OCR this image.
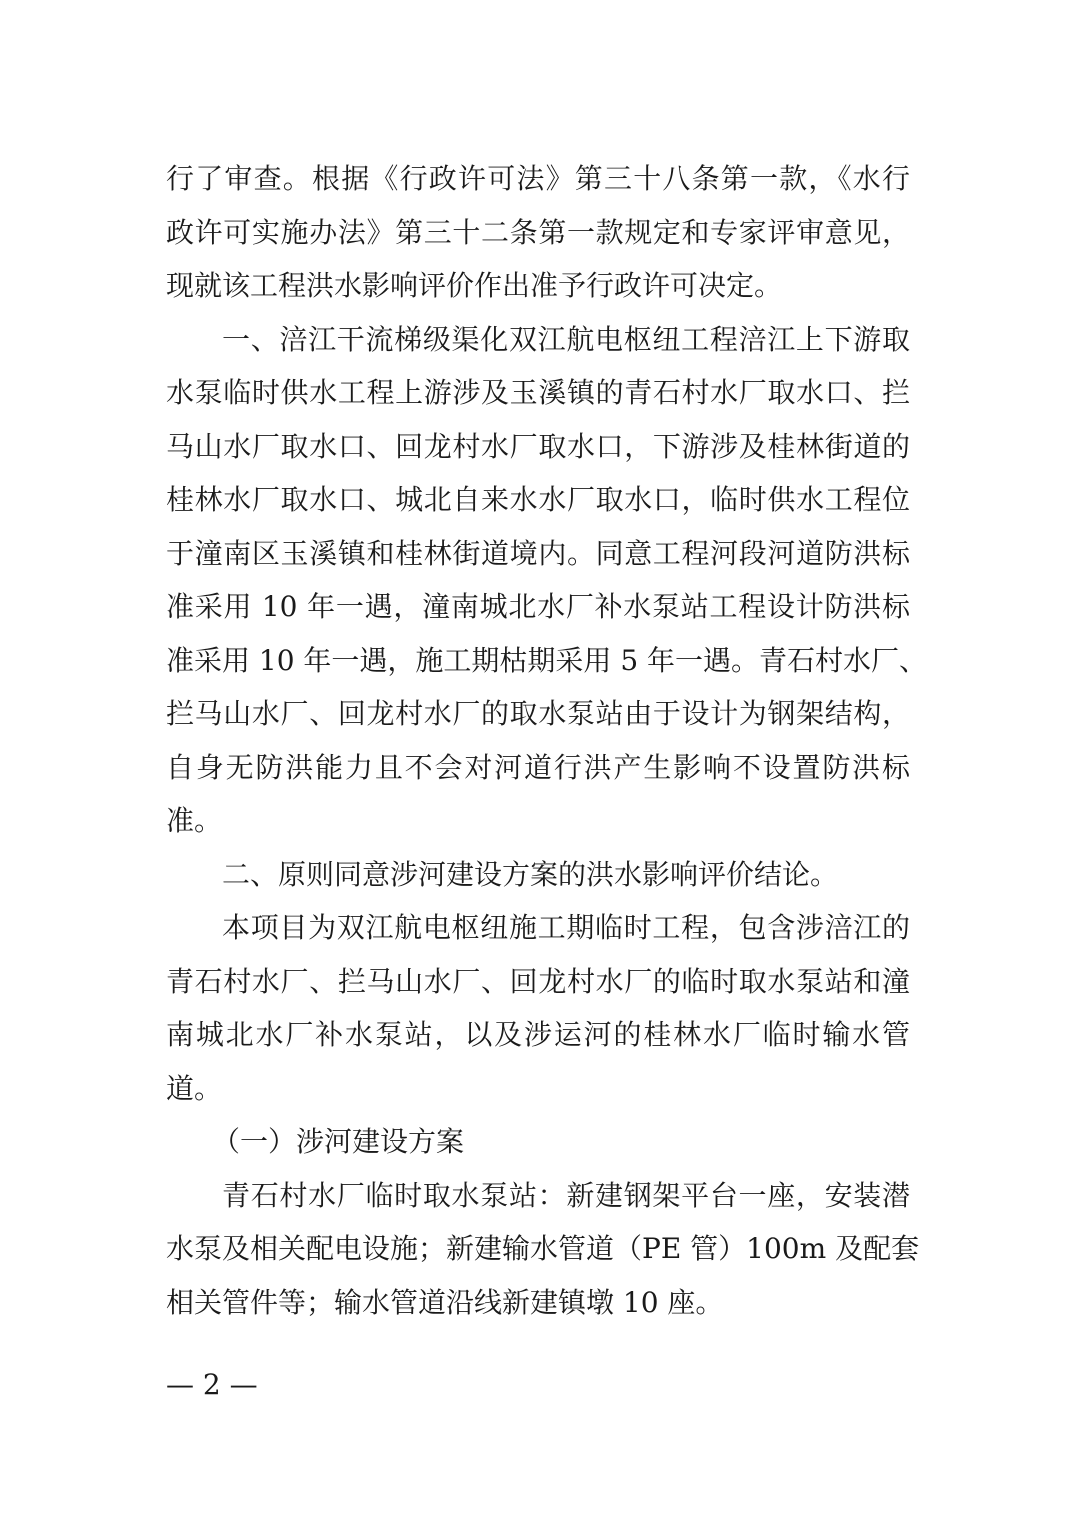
行了审查。根据《行政许可法》第三十八条第一款，《水行
政许可实施办法》第三十二条第一款规定和专家评审意见，
现就该工程洪水影响评价作出准予行政许可决定。
一、涪江干流梯级渠化双江航电枢纽工程涪江上下游取
水泵临时供水工程上游涉及玉溪镇的青石村水厂取水口、拦
马山水厂取水口、回龙村水厂取水口，下游涉及桂林街道的
桂林水厂取水口、城北自来水水厂取水口，临时供水工程位
于潼南区玉溪镇和桂林街道境内。同意工程河段河道防洪标
准采用 10 年一遇，潼南城北水厂补水泵站工程设计防洪标
准采用 10 年一遇，施工期枯期采用 5 年一遇。青石村水厂、
拦马山水厂、回龙村水厂的取水泵站由于设计为钢架结构，
自身无防洪能力且不会对河道行洪产生影响不设置防洪标
准。
二、原则同意涉河建设方案的洪水影响评价结论。
本项目为双江航电枢纽施工期临时工程，包含涉涪江的
青石村水厂、拦马山水厂、回龙村水厂的临时取水泵站和潼
南城北水厂补水泵站，以及涉运河的桂林水厂临时输水管
道。
（一）涉河建设方案
青石村水厂临时取水泵站：新建钢架平台一座，安装潜
水泵及相关配电设施；新建输水管道（PE 管）100m 及配套
相关管件等；输水管道沿线新建镇墩 10 座。
— 2 —
